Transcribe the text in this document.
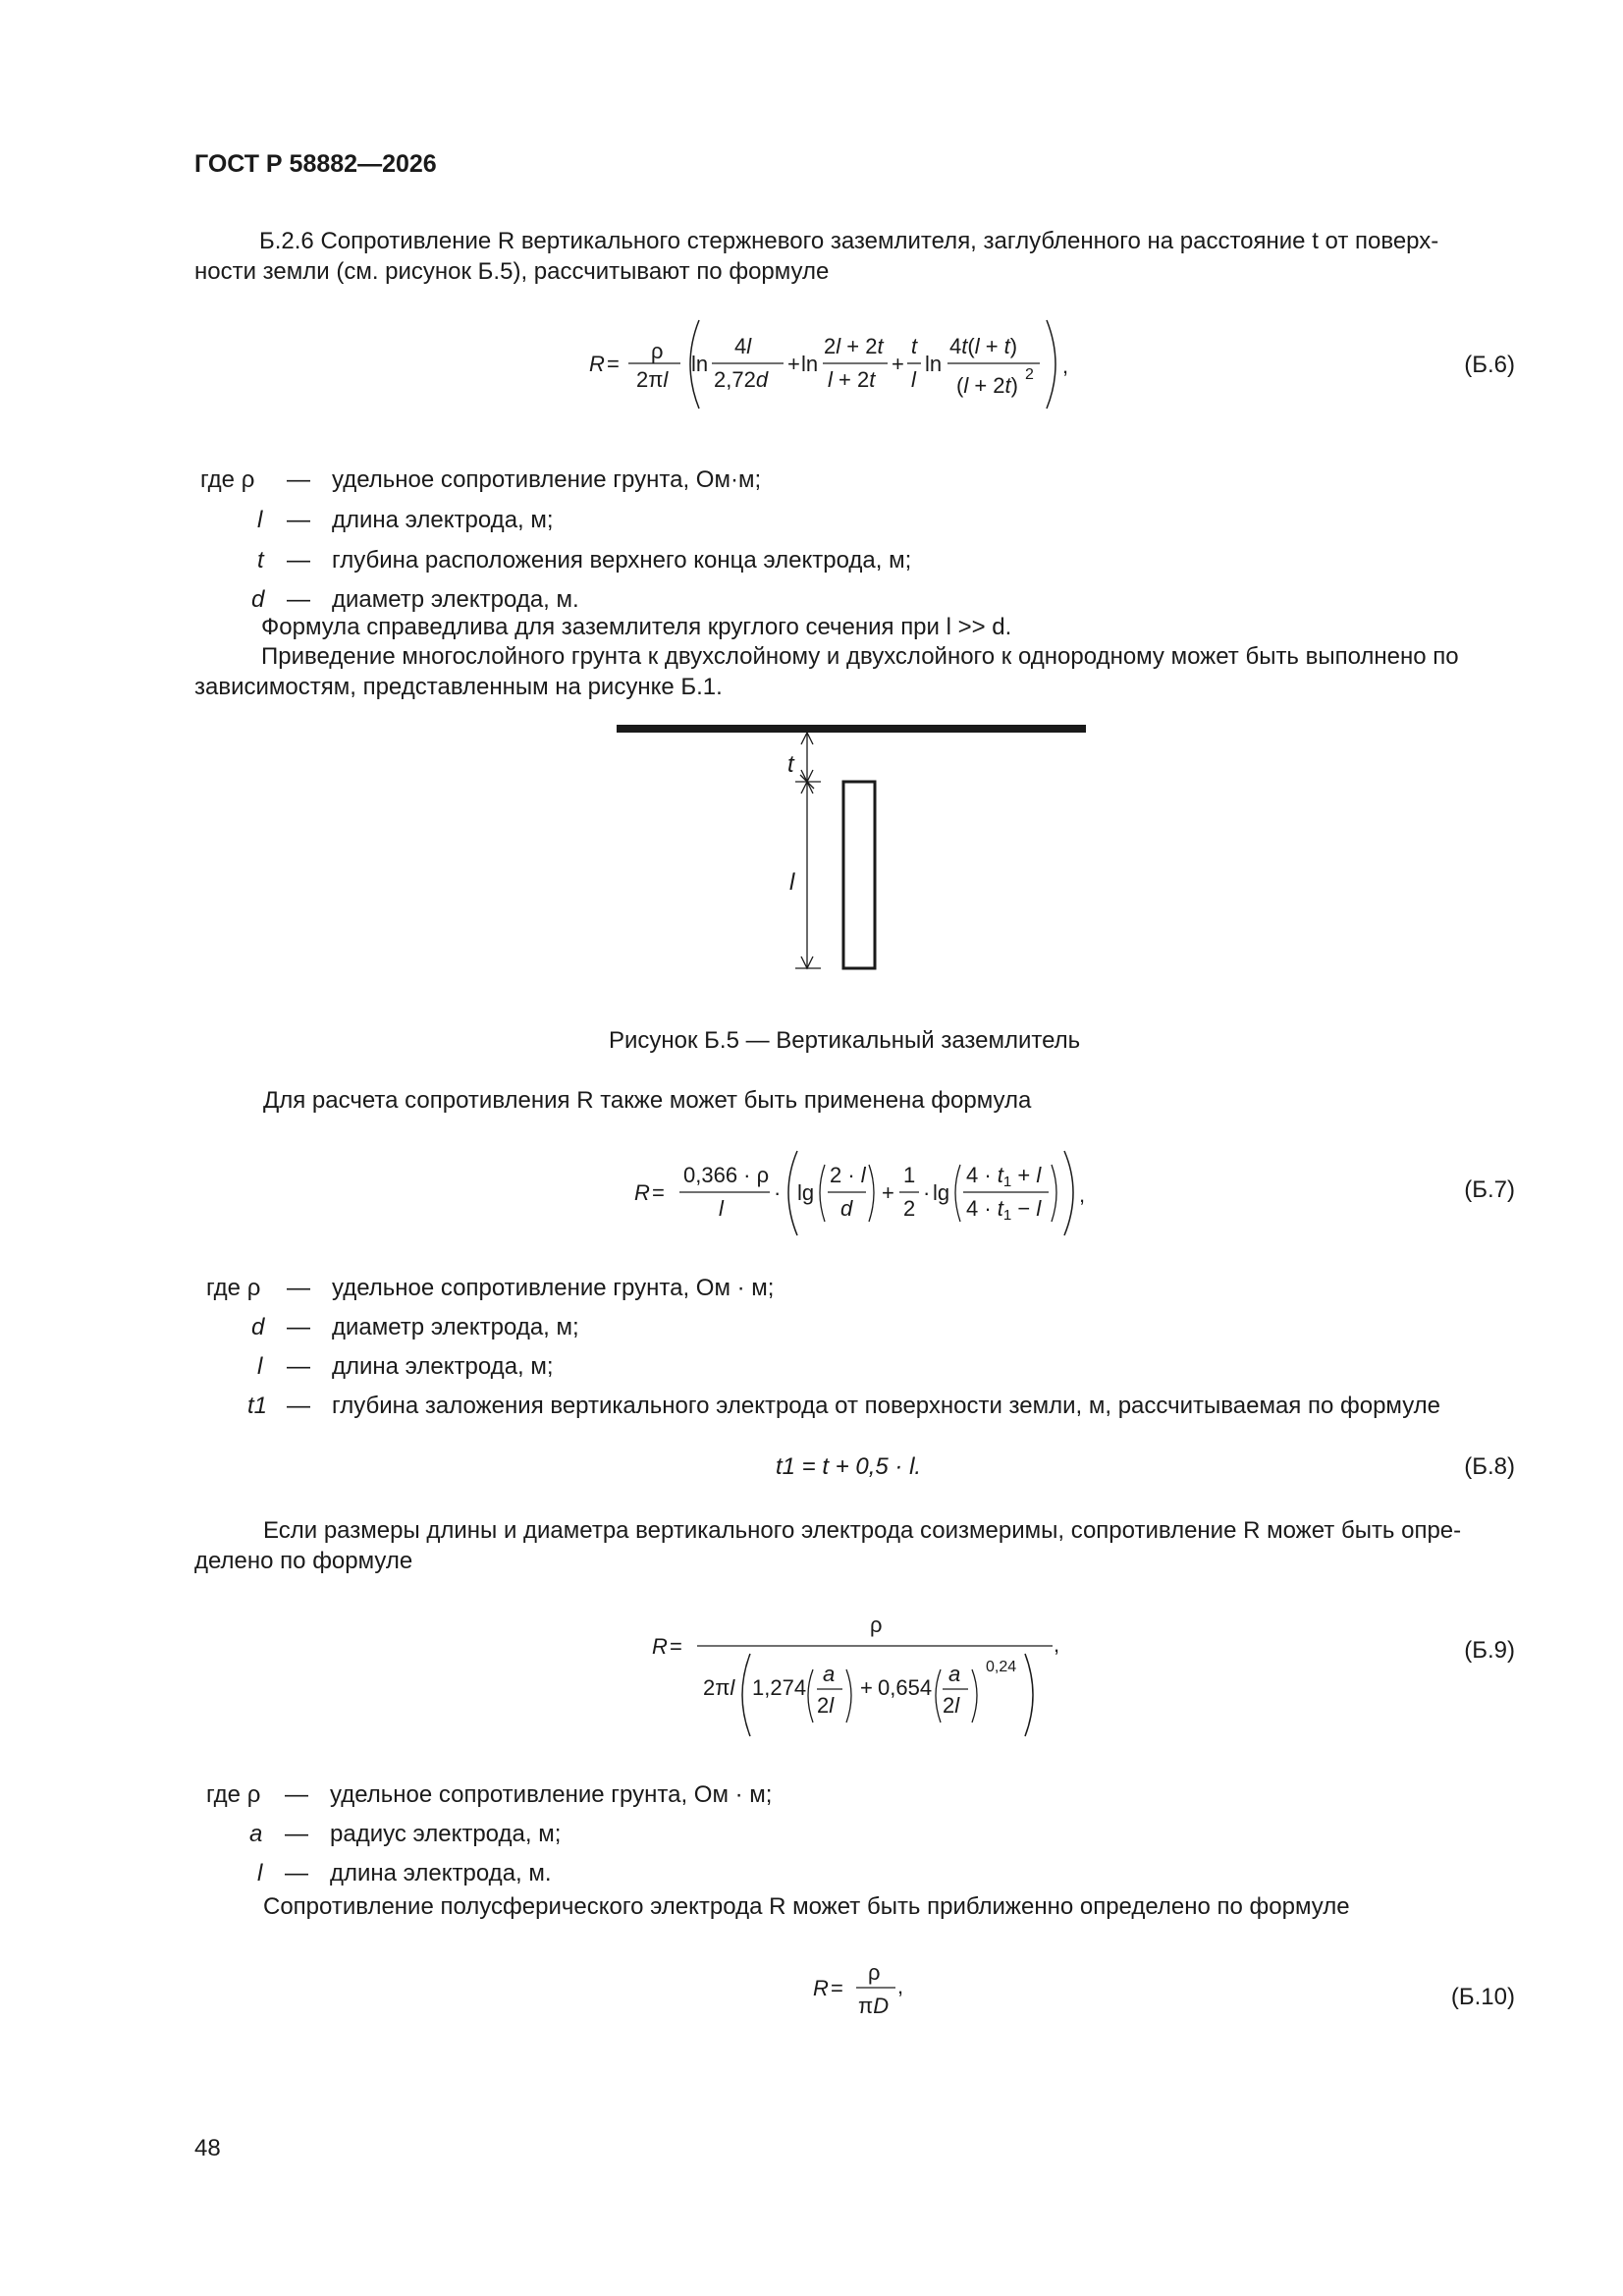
ГОСТ Р 58882—2026
Б.2.6 Сопротивление R вертикального стержневого заземлителя, заглубленного на расстояние t от поверх-
ности земли (см. рисунок Б.5), рассчитывают по формуле
R =
ρ
2πl
ln
4l
2,72d
+ ln
2l + 2t
l + 2t
+
t
l
ln
4t(l + t)
(l + 2t) 2 ,	(Б.6)
где ρ — удельное сопротивление грунта, Ом·м;
l — длина электрода, м;
t — глубина расположения верхнего конца электрода, м;
d — диаметр электрода, м.
Формула справедлива для заземлителя круглого сечения при l >> d.
Приведение многослойного грунта к двухслойному и двухслойного к однородному может быть выполнено по
зависимостям, представленным на рисунке Б.1.
t
l
Рисунок Б.5 — Вертикальный заземлитель
Для расчета сопротивления R также может быть применена формула
R =
0,366 · ρ
l
· lg
2 · l
d
+
1
2
· lg
4 · t1 + l
4 · t1 − l
,	(Б.7)
где ρ — удельное сопротивление грунта, Ом · м;
d — диаметр электрода, м;
l — длина электрода, м;
t1 — глубина заложения вертикального электрода от поверхности земли, м, рассчитываемая по формуле
t1 = t + 0,5 · l.	(Б.8)
Если размеры длины и диаметра вертикального электрода соизмеримы, сопротивление R может быть опре-
делено по формуле
R =
ρ
,
2πl 1,274
a
2l
+ 0,654
a
2l
0,24
(Б.9)
где ρ — удельное сопротивление грунта, Ом · м;
a — радиус электрода, м;
l — длина электрода, м.
Сопротивление полусферического электрода R может быть приближенно определено по формуле
R =
ρ
πD
,	(Б.10)
48
